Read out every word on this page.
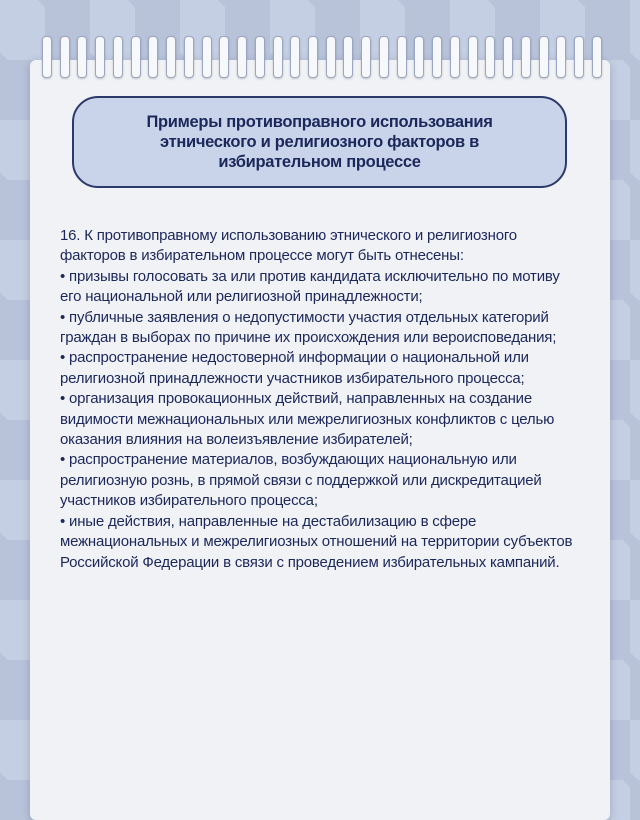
Примеры противоправного использования этнического и религиозного факторов в избирательном процессе

16. К противоправному использованию этнического и религиозного факторов в избирательном процессе могут быть отнесены:

• призывы голосовать за или против кандидата исключительно по мотиву его национальной или религиозной принадлежности;

• публичные заявления о недопустимости участия отдельных категорий граждан в выборах по причине их происхождения или вероисповедания;

• распространение недостоверной информации о национальной или религиозной принадлежности участников избирательного процесса;

• организация провокационных действий, направленных на создание видимости межнациональных или межрелигиозных конфликтов с целью оказания влияния на волеизъявление избирателей;

• распространение материалов, возбуждающих национальную или религиозную рознь, в прямой связи с поддержкой или дискредитацией участников избирательного процесса;

• иные действия, направленные на дестабилизацию в сфере межнациональных и межрелигиозных отношений на территории субъектов Российской Федерации в связи с проведением избирательных кампаний.
